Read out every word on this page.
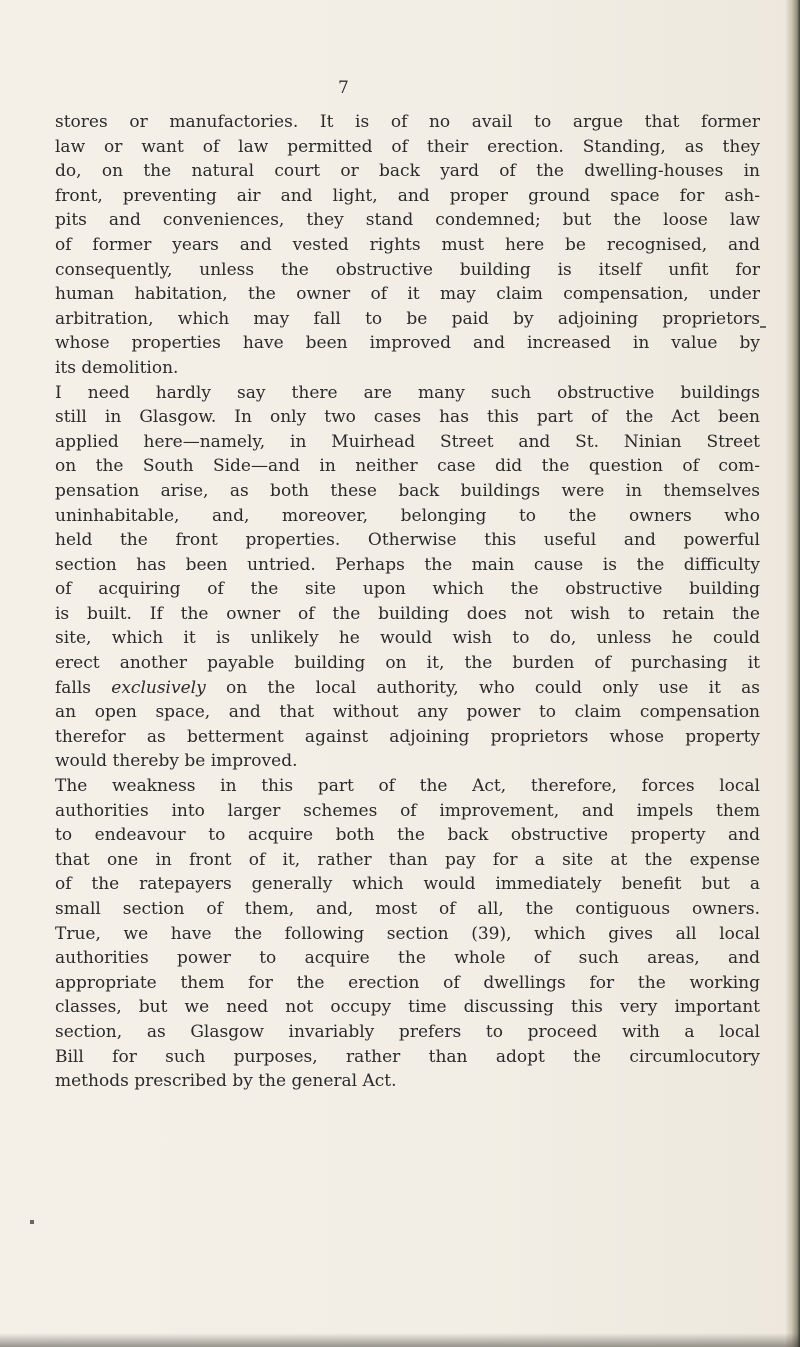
7
stores or manufactories. It is of no avail to argue that former
law or want of law permitted of their erection. Standing, as they
do, on the natural court or back yard of the dwelling-houses in
front, preventing air and light, and proper ground space for ash-
pits and conveniences, they stand condemned; but the loose law
of former years and vested rights must here be recognised, and
consequently, unless the obstructive building is itself unfit for
human habitation, the owner of it may claim compensation, under
arbitration, which may fall to be paid by adjoining proprietors
whose properties have been improved and increased in value by
its demolition.
I need hardly say there are many such obstructive buildings
still in Glasgow. In only two cases has this part of the Act been
applied here—namely, in Muirhead Street and St. Ninian Street
on the South Side—and in neither case did the question of com-
pensation arise, as both these back buildings were in themselves
uninhabitable, and, moreover, belonging to the owners who
held the front properties. Otherwise this useful and powerful
section has been untried. Perhaps the main cause is the difficulty
of acquiring of the site upon which the obstructive building
is built. If the owner of the building does not wish to retain the
site, which it is unlikely he would wish to do, unless he could
erect another payable building on it, the burden of purchasing it
falls exclusively on the local authority, who could only use it as
an open space, and that without any power to claim compensation
therefor as betterment against adjoining proprietors whose property
would thereby be improved.
The weakness in this part of the Act, therefore, forces local
authorities into larger schemes of improvement, and impels them
to endeavour to acquire both the back obstructive property and
that one in front of it, rather than pay for a site at the expense
of the ratepayers generally which would immediately benefit but a
small section of them, and, most of all, the contiguous owners.
True, we have the following section (39), which gives all local
authorities power to acquire the whole of such areas, and
appropriate them for the erection of dwellings for the working
classes, but we need not occupy time discussing this very important
section, as Glasgow invariably prefers to proceed with a local
Bill for such purposes, rather than adopt the circumlocutory
methods prescribed by the general Act.
